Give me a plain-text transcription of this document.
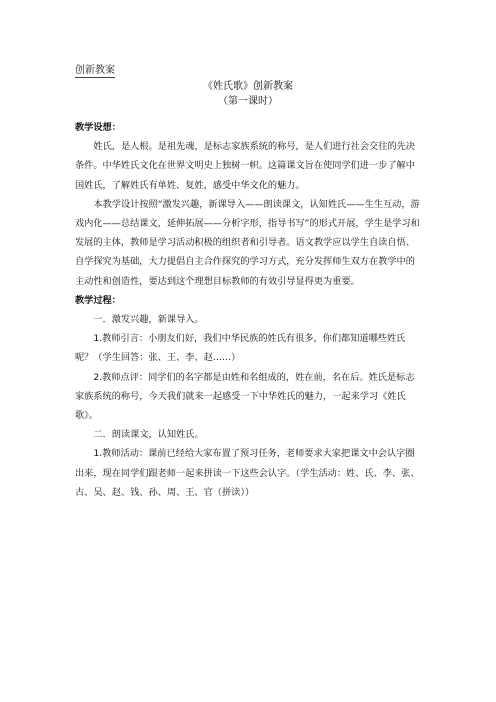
创新教案
《姓氏歌》创新教案
（第一课时）

教学设想：

姓氏，是人根。是祖先魂，是标志家族系统的称号，是人们进行社会交往的先决条件。中华姓氏文化在世界文明史上独树一帜。这篇课文旨在使同学们进一步了解中国姓氏，了解姓氏有单姓、复姓，感受中华文化的魅力。

本教学设计按照“激发兴趣，新课导入——朗读课文，认知姓氏——生生互动，游戏内化——总结课文，延伸拓展——分析字形，指导书写”的形式开展，学生是学习和发展的主体，教师是学习活动积极的组织者和引导者。语文教学应以学生自读自悟、自学探究为基础，大力提倡自主合作探究的学习方式，充分发挥师生双方在教学中的主动性和创造性，要达到这个理想目标教师的有效引导显得更为重要。

教学过程：

一．激发兴趣，新课导入。

1.教师引言：小朋友们好，我们中华民族的姓氏有很多，你们都知道哪些姓氏呢？（学生回答：张、王、李、赵……）

2.教师点评：同学们的名字都是由姓和名组成的，姓在前，名在后。姓氏是标志家族系统的称号，今天我们就来一起感受一下中华姓氏的魅力，一起来学习《姓氏歌》。

二．朗读课文，认知姓氏。

1.教师活动：课前已经给大家布置了预习任务，老师要求大家把课文中会认字圈出来，现在同学们跟老师一起来拼读一下这些会认字。（学生活动：姓、氏、李、张、古、吴、赵、钱、孙、周、王、官（拼读））
